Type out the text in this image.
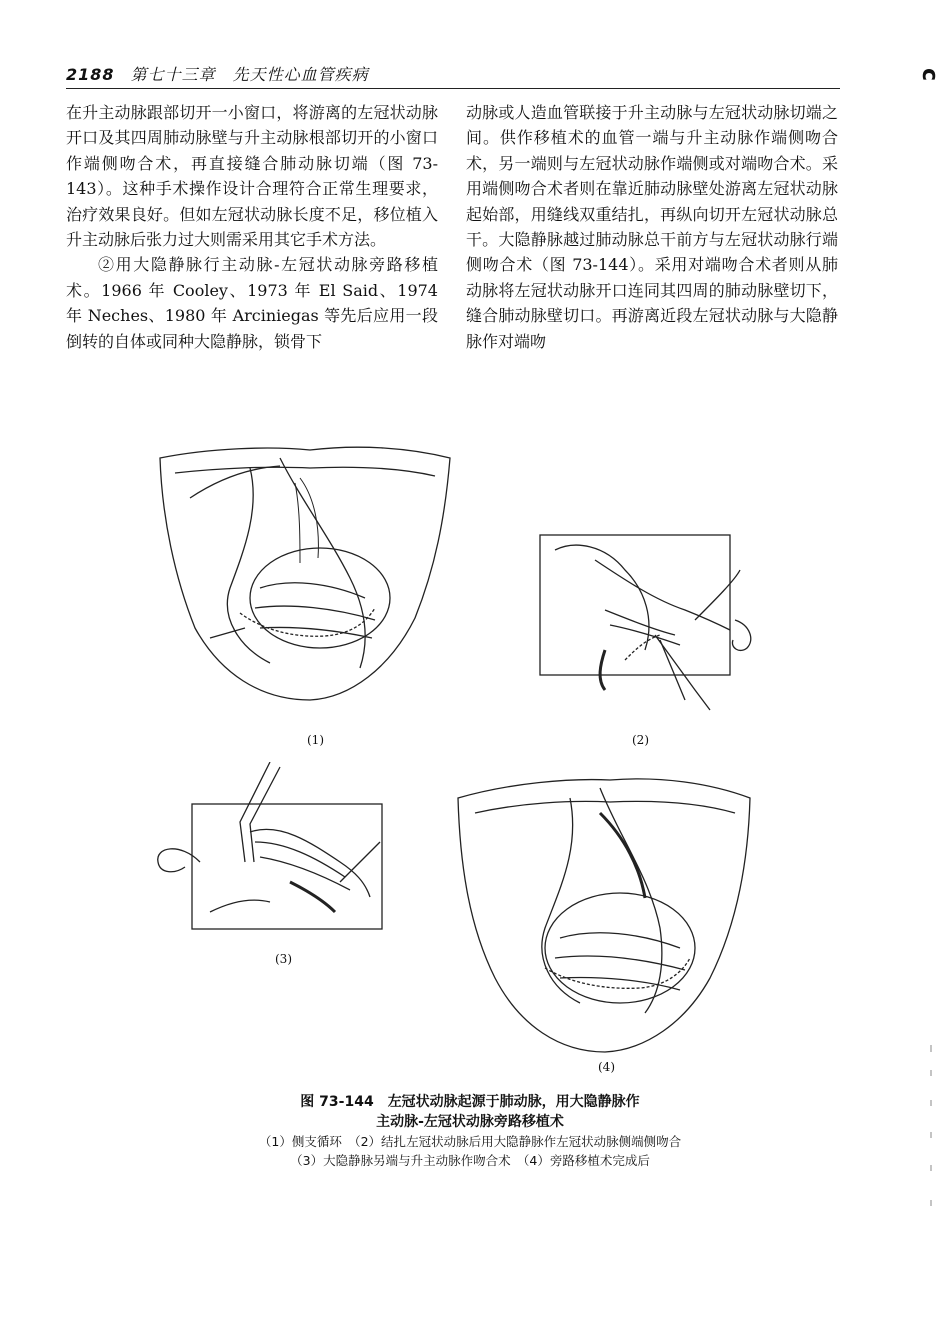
2188 第七十三章　先天性心血管疾病	ⅽ

在升主动脉跟部切开一小窗口，将游离的左冠状动脉开口及其四周肺动脉壁与升主动脉根部切开的小窗口作端侧吻合术，再直接缝合肺动脉切端（图 73-143）。这种手术操作设计合理符合正常生理要求，治疗效果良好。但如左冠状动脉长度不足，移位植入升主动脉后张力过大则需采用其它手术方法。

②用大隐静脉行主动脉-左冠状动脉旁路移植术。1966 年 Cooley、1973 年 El Said、1974 年 Neches、1980 年 Arciniegas 等先后应用一段倒转的自体或同种大隐静脉，锁骨下

动脉或人造血管联接于升主动脉与左冠状动脉切端之间。供作移植术的血管一端与升主动脉作端侧吻合术，另一端则与左冠状动脉作端侧或对端吻合术。采用端侧吻合术者则在靠近肺动脉壁处游离左冠状动脉起始部，用缝线双重结扎，再纵向切开左冠状动脉总干。大隐静脉越过肺动脉总干前方与左冠状动脉行端侧吻合术（图 73-144）。采用对端吻合术者则从肺动脉将左冠状动脉开口连同其四周的肺动脉壁切下，缝合肺动脉壁切口。再游离近段左冠状动脉与大隐静脉作对端吻

(1)	(2)
(3)
(4)
图 73-144 左冠状动脉起源于肺动脉，用大隐静脉作
主动脉-左冠状动脉旁路移植术
（1）侧支循环　（2）结扎左冠状动脉后用大隐静脉作左冠状动脉侧端侧吻合
（3）大隐静脉另端与升主动脉作吻合术　（4）旁路移植术完成后
